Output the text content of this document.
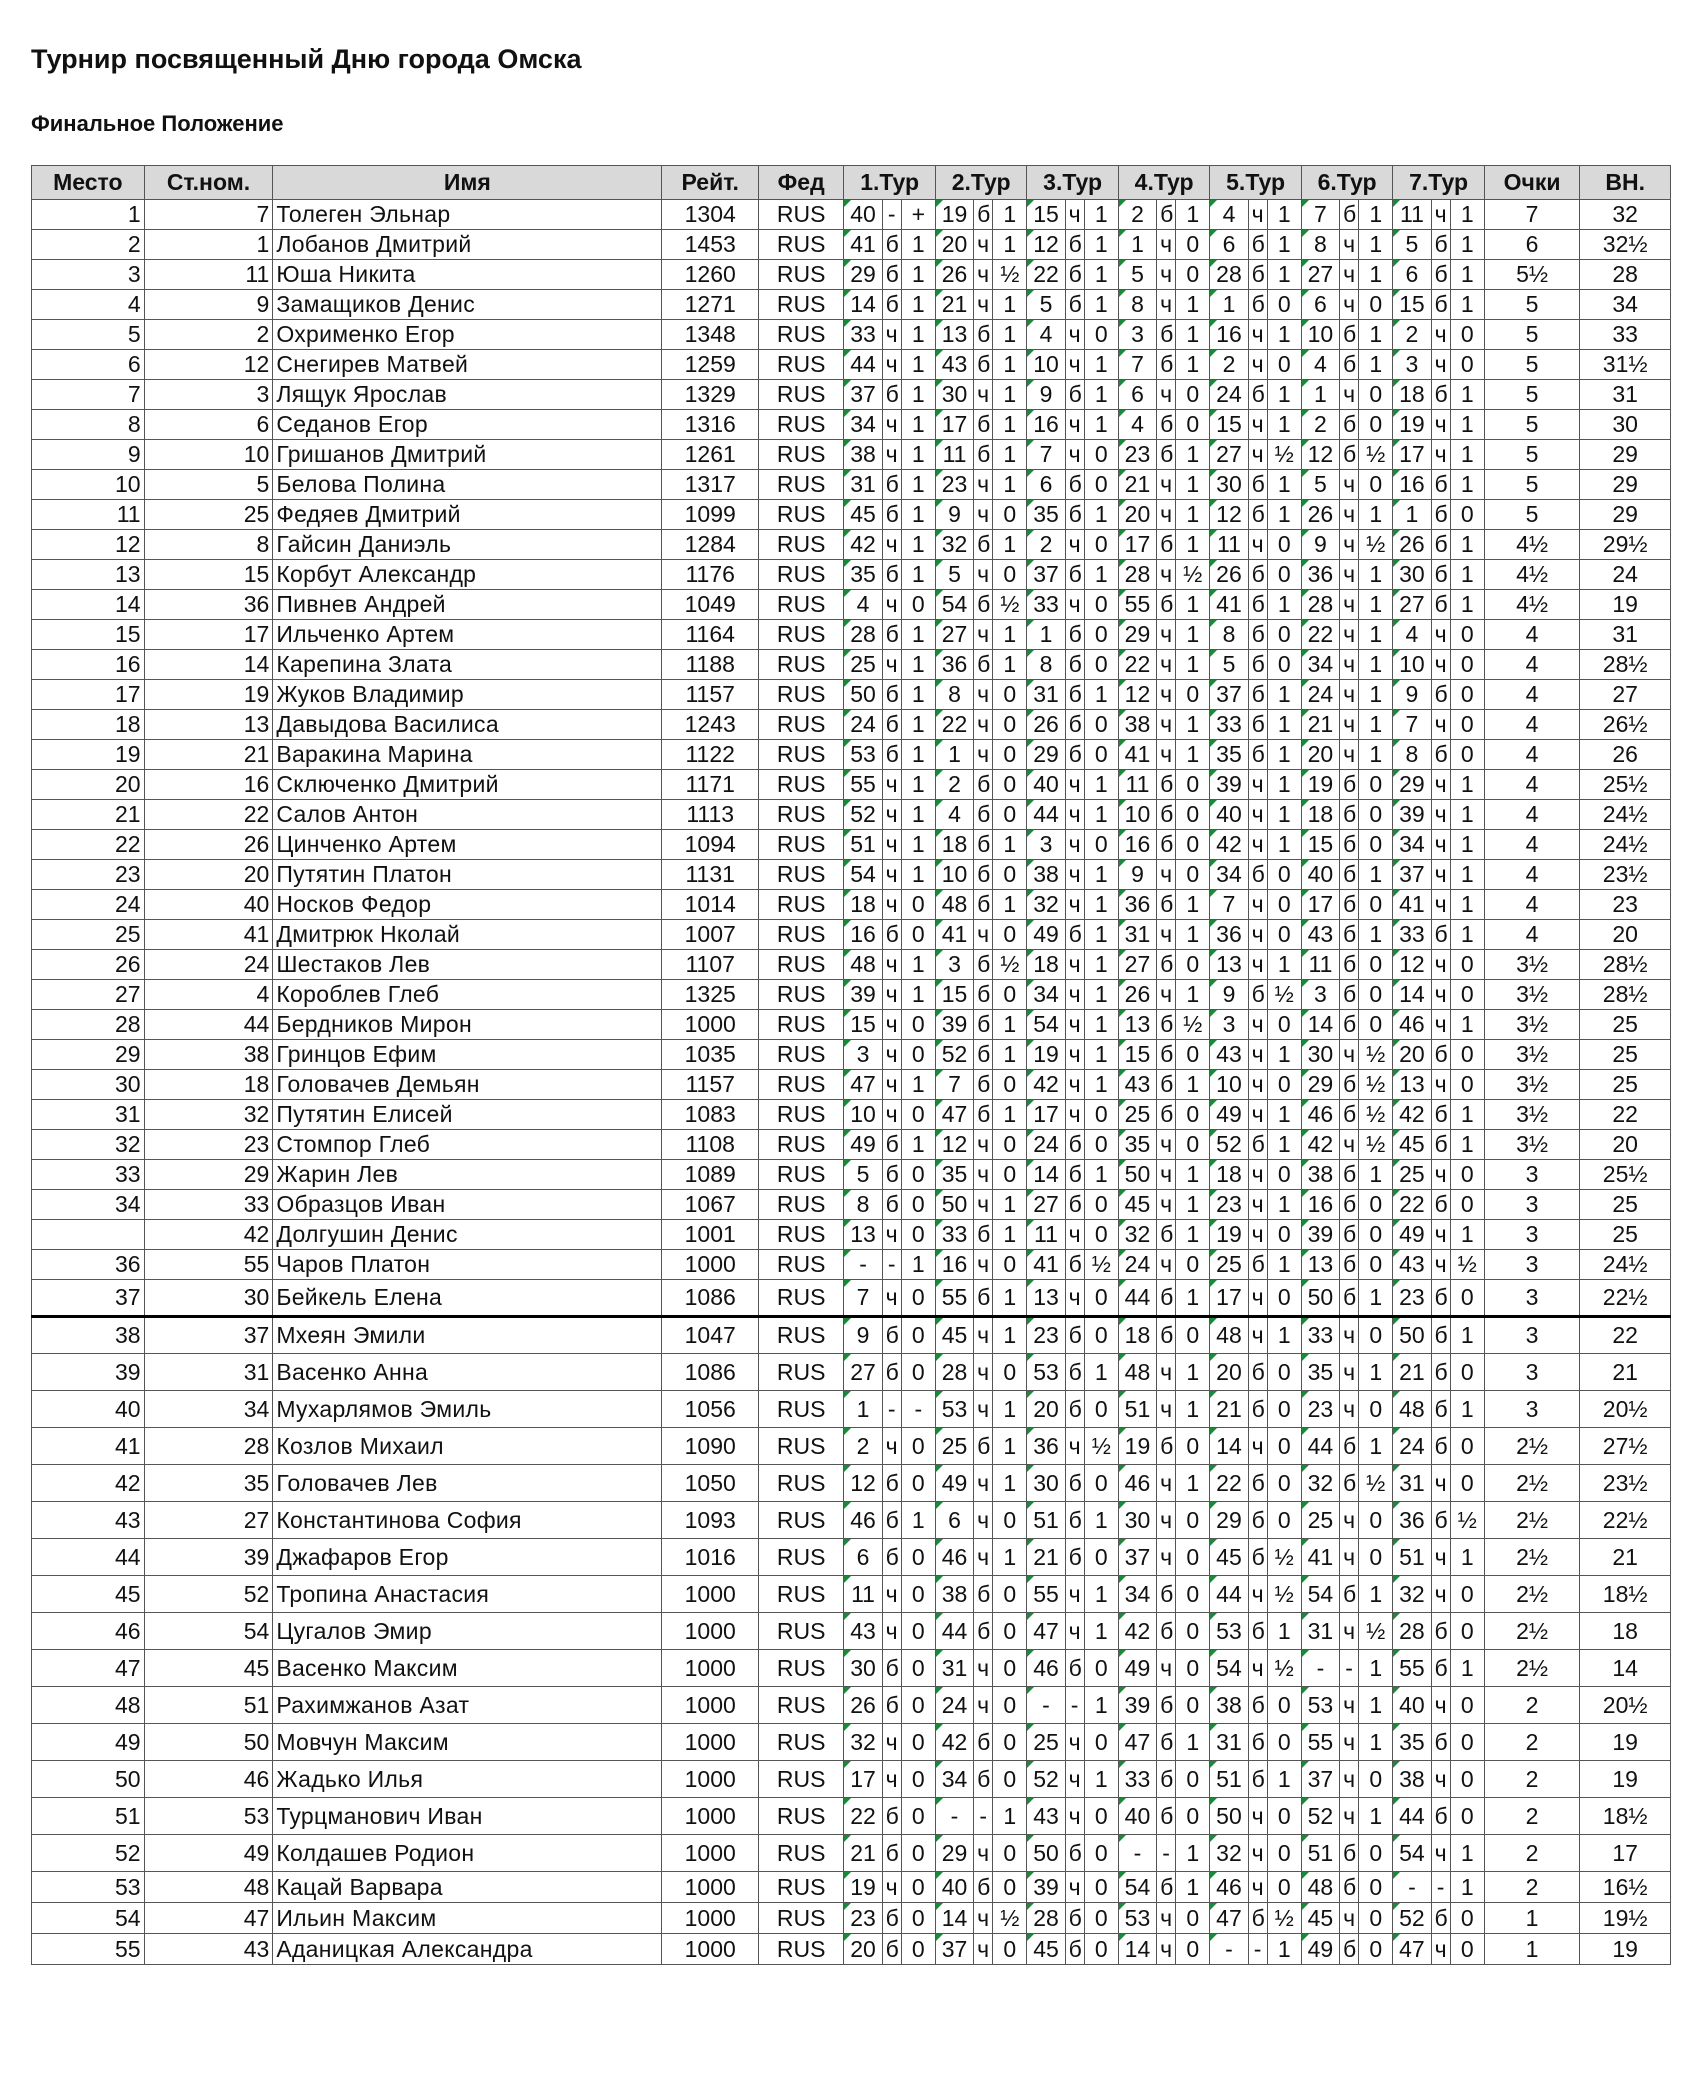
Турнир посвященный Дню города Омска
Финальное Положение
Место	Ст.ном.	Имя	Рейт.	Фед	1.Тур			2.Тур			3.Тур			4.Тур			5.Тур			6.Тур			7.Тур			Очки	ВН.
1	7	Толеген Эльнар	1304	RUS	40	-	+	19	б	1	15	ч	1	2	б	1	4	ч	1	7	б	1	11	ч	1	7	32
2	1	Лобанов Дмитрий	1453	RUS	41	б	1	20	ч	1	12	б	1	1	ч	0	6	б	1	8	ч	1	5	б	1	6	32½
3	11	Юша Никита	1260	RUS	29	б	1	26	ч	½	22	б	1	5	ч	0	28	б	1	27	ч	1	6	б	1	5½	28
4	9	Замащиков Денис	1271	RUS	14	б	1	21	ч	1	5	б	1	8	ч	1	1	б	0	6	ч	0	15	б	1	5	34
5	2	Охрименко Егор	1348	RUS	33	ч	1	13	б	1	4	ч	0	3	б	1	16	ч	1	10	б	1	2	ч	0	5	33
6	12	Снегирев Матвей	1259	RUS	44	ч	1	43	б	1	10	ч	1	7	б	1	2	ч	0	4	б	1	3	ч	0	5	31½
7	3	Лящук Ярослав	1329	RUS	37	б	1	30	ч	1	9	б	1	6	ч	0	24	б	1	1	ч	0	18	б	1	5	31
8	6	Седанов Егор	1316	RUS	34	ч	1	17	б	1	16	ч	1	4	б	0	15	ч	1	2	б	0	19	ч	1	5	30
9	10	Гришанов Дмитрий	1261	RUS	38	ч	1	11	б	1	7	ч	0	23	б	1	27	ч	½	12	б	½	17	ч	1	5	29
10	5	Белова Полина	1317	RUS	31	б	1	23	ч	1	6	б	0	21	ч	1	30	б	1	5	ч	0	16	б	1	5	29
11	25	Федяев Дмитрий	1099	RUS	45	б	1	9	ч	0	35	б	1	20	ч	1	12	б	1	26	ч	1	1	б	0	5	29
12	8	Гайсин Даниэль	1284	RUS	42	ч	1	32	б	1	2	ч	0	17	б	1	11	ч	0	9	ч	½	26	б	1	4½	29½
13	15	Корбут Александр	1176	RUS	35	б	1	5	ч	0	37	б	1	28	ч	½	26	б	0	36	ч	1	30	б	1	4½	24
14	36	Пивнев Андрей	1049	RUS	4	ч	0	54	б	½	33	ч	0	55	б	1	41	б	1	28	ч	1	27	б	1	4½	19
15	17	Ильченко Артем	1164	RUS	28	б	1	27	ч	1	1	б	0	29	ч	1	8	б	0	22	ч	1	4	ч	0	4	31
16	14	Карепина Злата	1188	RUS	25	ч	1	36	б	1	8	б	0	22	ч	1	5	б	0	34	ч	1	10	ч	0	4	28½
17	19	Жуков Владимир	1157	RUS	50	б	1	8	ч	0	31	б	1	12	ч	0	37	б	1	24	ч	1	9	б	0	4	27
18	13	Давыдова Василиса	1243	RUS	24	б	1	22	ч	0	26	б	0	38	ч	1	33	б	1	21	ч	1	7	ч	0	4	26½
19	21	Варакина Марина	1122	RUS	53	б	1	1	ч	0	29	б	0	41	ч	1	35	б	1	20	ч	1	8	б	0	4	26
20	16	Сключенко Дмитрий	1171	RUS	55	ч	1	2	б	0	40	ч	1	11	б	0	39	ч	1	19	б	0	29	ч	1	4	25½
21	22	Салов Антон	1113	RUS	52	ч	1	4	б	0	44	ч	1	10	б	0	40	ч	1	18	б	0	39	ч	1	4	24½
22	26	Цинченко Артем	1094	RUS	51	ч	1	18	б	1	3	ч	0	16	б	0	42	ч	1	15	б	0	34	ч	1	4	24½
23	20	Путятин Платон	1131	RUS	54	ч	1	10	б	0	38	ч	1	9	ч	0	34	б	0	40	б	1	37	ч	1	4	23½
24	40	Носков Федор	1014	RUS	18	ч	0	48	б	1	32	ч	1	36	б	1	7	ч	0	17	б	0	41	ч	1	4	23
25	41	Дмитрюк Нколай	1007	RUS	16	б	0	41	ч	0	49	б	1	31	ч	1	36	ч	0	43	б	1	33	б	1	4	20
26	24	Шестаков Лев	1107	RUS	48	ч	1	3	б	½	18	ч	1	27	б	0	13	ч	1	11	б	0	12	ч	0	3½	28½
27	4	Короблев Глеб	1325	RUS	39	ч	1	15	б	0	34	ч	1	26	ч	1	9	б	½	3	б	0	14	ч	0	3½	28½
28	44	Бердников Мирон	1000	RUS	15	ч	0	39	б	1	54	ч	1	13	б	½	3	ч	0	14	б	0	46	ч	1	3½	25
29	38	Гринцов Ефим	1035	RUS	3	ч	0	52	б	1	19	ч	1	15	б	0	43	ч	1	30	ч	½	20	б	0	3½	25
30	18	Головачев Демьян	1157	RUS	47	ч	1	7	б	0	42	ч	1	43	б	1	10	ч	0	29	б	½	13	ч	0	3½	25
31	32	Путятин Елисей	1083	RUS	10	ч	0	47	б	1	17	ч	0	25	б	0	49	ч	1	46	б	½	42	б	1	3½	22
32	23	Стомпор Глеб	1108	RUS	49	б	1	12	ч	0	24	б	0	35	ч	0	52	б	1	42	ч	½	45	б	1	3½	20
33	29	Жарин Лев	1089	RUS	5	б	0	35	ч	0	14	б	1	50	ч	1	18	ч	0	38	б	1	25	ч	0	3	25½
34	33	Образцов Иван	1067	RUS	8	б	0	50	ч	1	27	б	0	45	ч	1	23	ч	1	16	б	0	22	б	0	3	25
	42	Долгушин Денис	1001	RUS	13	ч	0	33	б	1	11	ч	0	32	б	1	19	ч	0	39	б	0	49	ч	1	3	25
36	55	Чаров Платон	1000	RUS	-	-	1	16	ч	0	41	б	½	24	ч	0	25	б	1	13	б	0	43	ч	½	3	24½
37	30	Бейкель Елена	1086	RUS	7	ч	0	55	б	1	13	ч	0	44	б	1	17	ч	0	50	б	1	23	б	0	3	22½
38	37	Мхеян Эмили	1047	RUS	9	б	0	45	ч	1	23	б	0	18	б	0	48	ч	1	33	ч	0	50	б	1	3	22
39	31	Васенко Анна	1086	RUS	27	б	0	28	ч	0	53	б	1	48	ч	1	20	б	0	35	ч	1	21	б	0	3	21
40	34	Мухарлямов Эмиль	1056	RUS	1	-	-	53	ч	1	20	б	0	51	ч	1	21	б	0	23	ч	0	48	б	1	3	20½
41	28	Козлов Михаил	1090	RUS	2	ч	0	25	б	1	36	ч	½	19	б	0	14	ч	0	44	б	1	24	б	0	2½	27½
42	35	Головачев Лев	1050	RUS	12	б	0	49	ч	1	30	б	0	46	ч	1	22	б	0	32	б	½	31	ч	0	2½	23½
43	27	Константинова София	1093	RUS	46	б	1	6	ч	0	51	б	1	30	ч	0	29	б	0	25	ч	0	36	б	½	2½	22½
44	39	Джафаров Егор	1016	RUS	6	б	0	46	ч	1	21	б	0	37	ч	0	45	б	½	41	ч	0	51	ч	1	2½	21
45	52	Тропина Анастасия	1000	RUS	11	ч	0	38	б	0	55	ч	1	34	б	0	44	ч	½	54	б	1	32	ч	0	2½	18½
46	54	Цугалов Эмир	1000	RUS	43	ч	0	44	б	0	47	ч	1	42	б	0	53	б	1	31	ч	½	28	б	0	2½	18
47	45	Васенко Максим	1000	RUS	30	б	0	31	ч	0	46	б	0	49	ч	0	54	ч	½	-	-	1	55	б	1	2½	14
48	51	Рахимжанов Азат	1000	RUS	26	б	0	24	ч	0	-	-	1	39	б	0	38	б	0	53	ч	1	40	ч	0	2	20½
49	50	Мовчун Максим	1000	RUS	32	ч	0	42	б	0	25	ч	0	47	б	1	31	б	0	55	ч	1	35	б	0	2	19
50	46	Жадько Илья	1000	RUS	17	ч	0	34	б	0	52	ч	1	33	б	0	51	б	1	37	ч	0	38	ч	0	2	19
51	53	Турцманович Иван	1000	RUS	22	б	0	-	-	1	43	ч	0	40	б	0	50	ч	0	52	ч	1	44	б	0	2	18½
52	49	Колдашев Родион	1000	RUS	21	б	0	29	ч	0	50	б	0	-	-	1	32	ч	0	51	б	0	54	ч	1	2	17
53	48	Кацай Варвара	1000	RUS	19	ч	0	40	б	0	39	ч	0	54	б	1	46	ч	0	48	б	0	-	-	1	2	16½
54	47	Ильин Максим	1000	RUS	23	б	0	14	ч	½	28	б	0	53	ч	0	47	б	½	45	ч	0	52	б	0	1	19½
55	43	Аданицкая Александра	1000	RUS	20	б	0	37	ч	0	45	б	0	14	ч	0	-	-	1	49	б	0	47	ч	0	1	19
